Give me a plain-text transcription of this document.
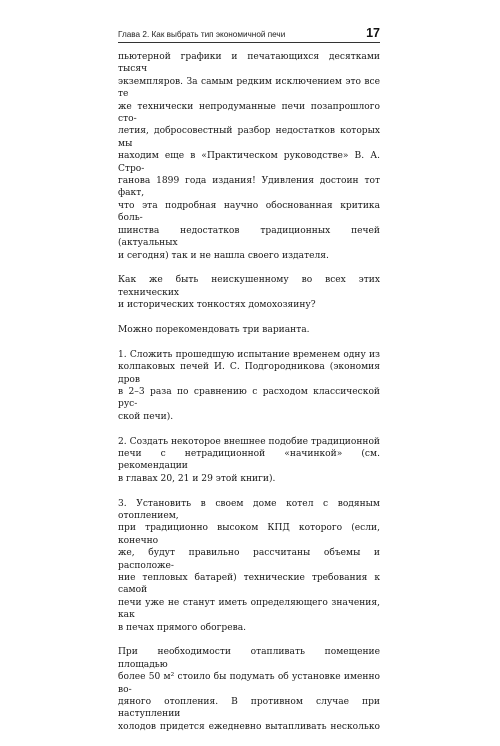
Глава 2. Как выбрать тип экономичной печи	17

пьютерной графики и печатающихся десятками тысяч
экземпляров. За самым редким исключением это все те
же технически непродуманные печи позапрошлого сто-
летия, добросовестный разбор недостатков которых мы
находим еще в «Практическом руководстве» В. А. Стро-
ганова 1899 года издания! Удивления достоин тот факт,
что эта подробная научно обоснованная критика боль-
шинства недостатков традиционных печей (актуальных
и сегодня) так и не нашла своего издателя.

Как же быть неискушенному во всех этих технических
и исторических тонкостях домохозяину?

Можно порекомендовать три варианта.

1. Сложить прошедшую испытание временем одну из
колпаковых печей И. С. Подгородникова (экономия дров
в 2–3 раза по сравнению с расходом классической рус-
ской печи).

2. Создать некоторое внешнее подобие традиционной
печи с нетрадиционной «начинкой» (см. рекомендации
в главах 20, 21 и 29 этой книги).

3. Установить в своем доме котел с водяным отоплением,
при традиционно высоком КПД которого (если, конечно
же, будут правильно рассчитаны объемы и расположе-
ние тепловых батарей) технические требования к самой
печи уже не станут иметь определяющего значения, как
в печах прямого обогрева.

При необходимости отапливать помещение площадью
более 50 м² стоило бы подумать об установке именно во-
дяного отопления. В противном случае при наступлении
холодов придется ежедневно вытапливать несколько
